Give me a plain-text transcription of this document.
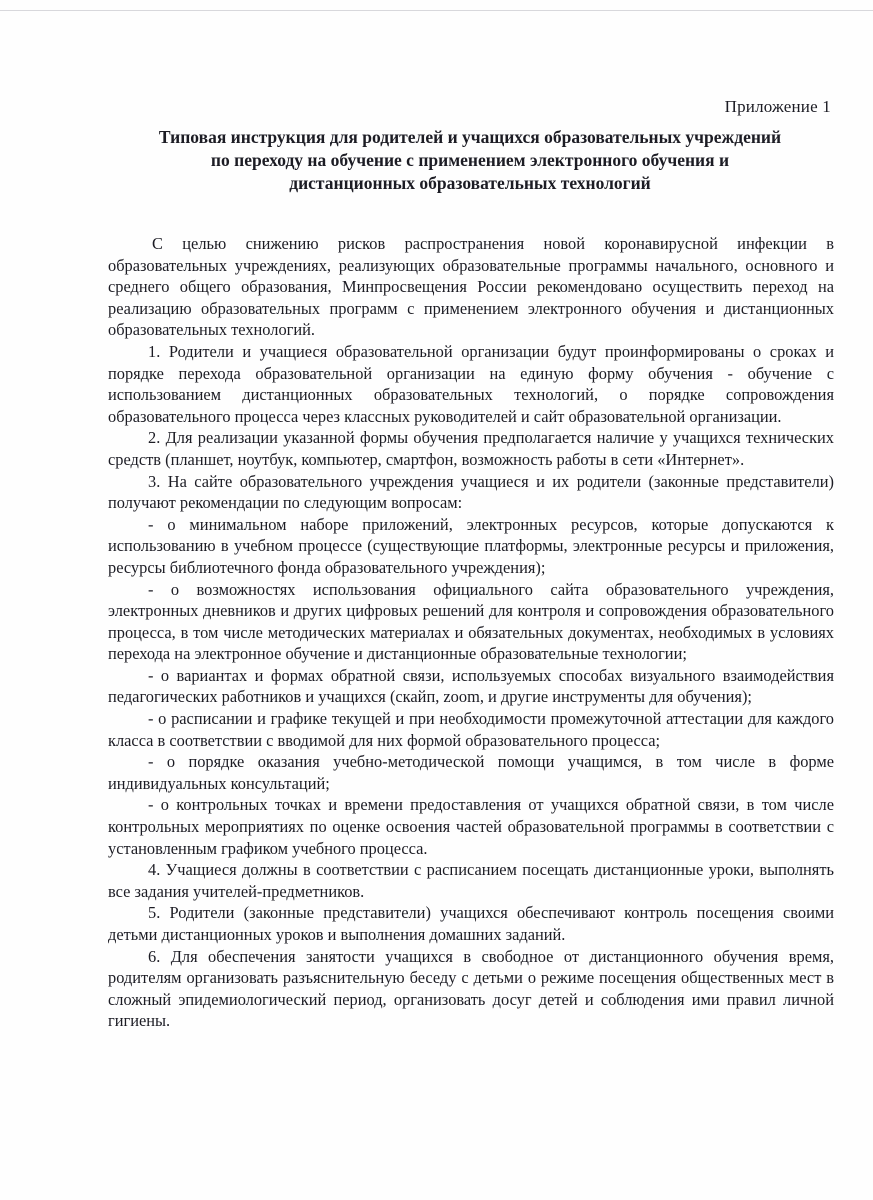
Приложение 1
Типовая инструкция для родителей и учащихся образовательных учреждений
по переходу на обучение с применением электронного обучения и
дистанционных образовательных технологий

С целью снижению рисков распространения новой коронавирусной инфекции в образовательных учреждениях, реализующих образовательные программы начального, основного и среднего общего образования, Минпросвещения России рекомендовано осуществить переход на реализацию образовательных программ с применением электронного обучения и дистанционных образовательных технологий.

1. Родители и учащиеся образовательной организации будут проинформированы о сроках и порядке перехода образовательной организации на единую форму обучения - обучение с использованием дистанционных образовательных технологий, о порядке сопровождения образовательного процесса через классных руководителей и сайт образовательной организации.

2. Для реализации указанной формы обучения предполагается наличие у учащихся технических средств (планшет, ноутбук, компьютер, смартфон, возможность работы в сети «Интернет».

3. На сайте образовательного учреждения учащиеся и их родители (законные представители) получают рекомендации по следующим вопросам:

- о минимальном наборе приложений, электронных ресурсов, которые допускаются к использованию в учебном процессе (существующие платформы, электронные ресурсы и приложения, ресурсы библиотечного фонда образовательного учреждения);

- о возможностях использования официального сайта образовательного учреждения, электронных дневников и других цифровых решений для контроля и сопровождения образовательного процесса, в том числе методических материалах и обязательных документах, необходимых в условиях перехода на электронное обучение и дистанционные образовательные технологии;

- о вариантах и формах обратной связи, используемых способах визуального взаимодействия педагогических работников и учащихся (скайп, zoom, и другие инструменты для обучения);

- о расписании и графике текущей и при необходимости промежуточной аттестации для каждого класса в соответствии с вводимой для них формой образовательного процесса;

- о порядке оказания учебно-методической помощи учащимся, в том числе в форме индивидуальных консультаций;

- о контрольных точках и времени предоставления от учащихся обратной связи, в том числе контрольных мероприятиях по оценке освоения частей образовательной программы в соответствии с установленным графиком учебного процесса.

4. Учащиеся должны в соответствии с расписанием посещать дистанционные уроки, выполнять все задания учителей-предметников.

5. Родители (законные представители) учащихся обеспечивают контроль посещения своими детьми дистанционных уроков и выполнения домашних заданий.

6. Для обеспечения занятости учащихся в свободное от дистанционного обучения время, родителям организовать разъяснительную беседу с детьми о режиме посещения общественных мест в сложный эпидемиологический период, организовать досуг детей и соблюдения ими правил личной гигиены.
